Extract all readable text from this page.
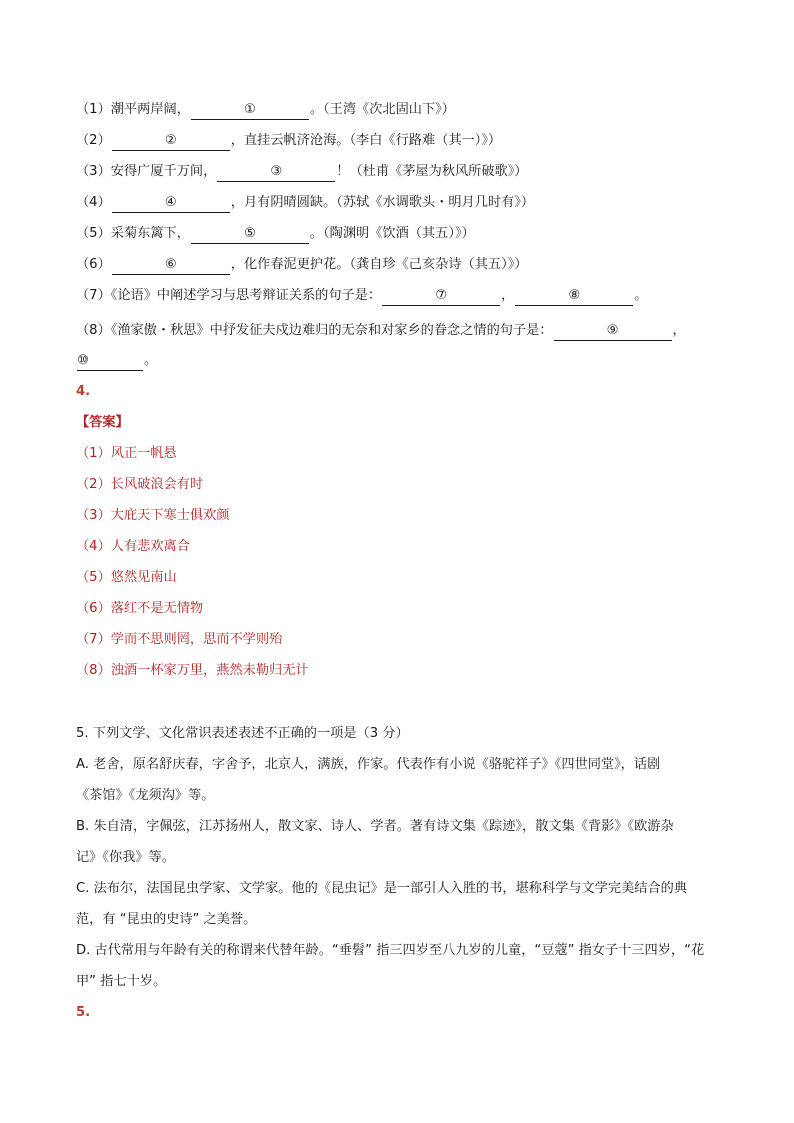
（1）潮平两岸阔，	①	。（王湾《次北固山下》）
（2）	②	，直挂云帆济沧海。（李白《行路难（其一）》）
（3）安得广厦千万间，	③	！（杜甫《茅屋为秋风所破歌》）
（4）	④	，月有阴晴圆缺。（苏轼《水调歌头・明月几时有》）
（5）采菊东篱下，	⑤	。（陶渊明《饮酒（其五）》）
（6）	⑥	，化作春泥更护花。（龚自珍《己亥杂诗（其五）》）
（7）《论语》中阐述学习与思考辩证关系的句子是：	⑦	，	⑧	。
（8）《渔家傲・秋思》中抒发征夫戍边难归的无奈和对家乡的眷念之情的句子是：	⑨	，
⑩	。
4.
【答案】
（1）风正一帆悬
（2）长风破浪会有时
（3）大庇天下寒士俱欢颜
（4）人有悲欢离合
（5）悠然见南山
（6）落红不是无情物
（7）学而不思则罔，思而不学则殆
（8）浊酒一杯家万里，燕然未勒归无计
5. 下列文学、文化常识表述表述不正确的一项是（3 分）
A. 老舍，原名舒庆春，字舍予，北京人，满族，作家。代表作有小说《骆驼祥子》《四世同堂》，话剧
《茶馆》《龙须沟》等。
B. 朱自清，字佩弦，江苏扬州人，散文家、诗人、学者。著有诗文集《踪迹》，散文集《背影》《欧游杂
记》《你我》等。
C. 法布尔，法国昆虫学家、文学家。他的《昆虫记》是一部引人入胜的书，堪称科学与文学完美结合的典
范，有 “昆虫的史诗” 之美誉。
D. 古代常用与年龄有关的称谓来代替年龄。“垂髫” 指三四岁至八九岁的儿童，“豆蔻” 指女子十三四岁，“花
甲” 指七十岁。
5.
